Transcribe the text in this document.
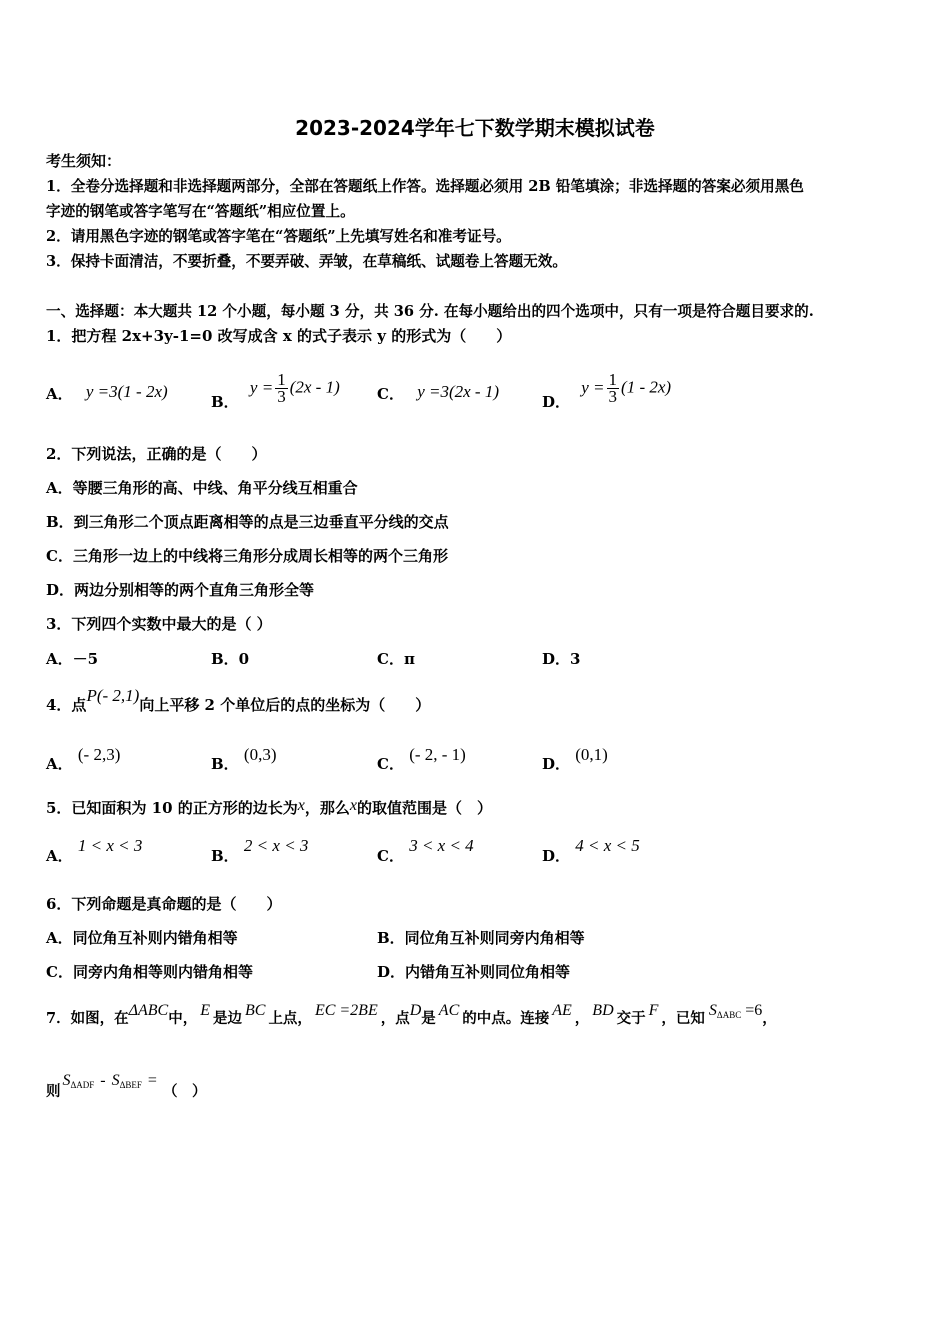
2023-2024学年七下数学期末模拟试卷
考生须知：
1．全卷分选择题和非选择题两部分，全部在答题纸上作答。选择题必须用 2B 铅笔填涂；非选择题的答案必须用黑色
字迹的钢笔或答字笔写在“答题纸”相应位置上。
2．请用黑色字迹的钢笔或答字笔在“答题纸”上先填写姓名和准考证号。
3．保持卡面清洁，不要折叠，不要弄破、弄皱，在草稿纸、试题卷上答题无效。
一、选择题：本大题共 12 个小题，每小题 3 分，共 36 分. 在每小题给出的四个选项中，只有一项是符合题目要求的.
1．把方程 2x+3y-1=0 改写成含 x 的式子表示 y 的形式为（　　）
A． y =3(1 - 2x)
B． $y = \frac{1}{3} (2x - 1)$ C． y =3(2x - 1)
D． $y = \frac{1}{3} (1 - 2x)$
2．下列说法，正确的是（　　）
A．等腰三角形的高、中线、角平分线互相重合
B．到三角形二个顶点距离相等的点是三边垂直平分线的交点
C．三角形一边上的中线将三角形分成周长相等的两个三角形
D．两边分别相等的两个直角三角形全等
3．下列四个实数中最大的是（ ）
A．－5	B．0	C．π	D．3
4．点P(- 2,1)向上平移 2 个单位后的点的坐标为（　　）
A． (- 2,3)	B． (0,3)	C． (- 2, - 1)	D． (0,1)
5．已知面积为 10 的正方形的边长为x，那么x的取值范围是（　）
A． 1 < x < 3
B． 2 < x < 3
C． 3 < x < 4
D． 4 < x < 5
6．下列命题是真命题的是（　　）
A．同位角互补则内错角相等	B．同位角互补则同旁内角相等
C．同旁内角相等则内错角相等	D．内错角互补则同位角相等
7．如图，在ΔABC中， E 是边 BC 上点， EC =2BE ，点D是 AC 的中点。连接 AE ， BD 交于 F ，已知 SΔABC =6，
则SΔADF - SΔBEF =（　）
